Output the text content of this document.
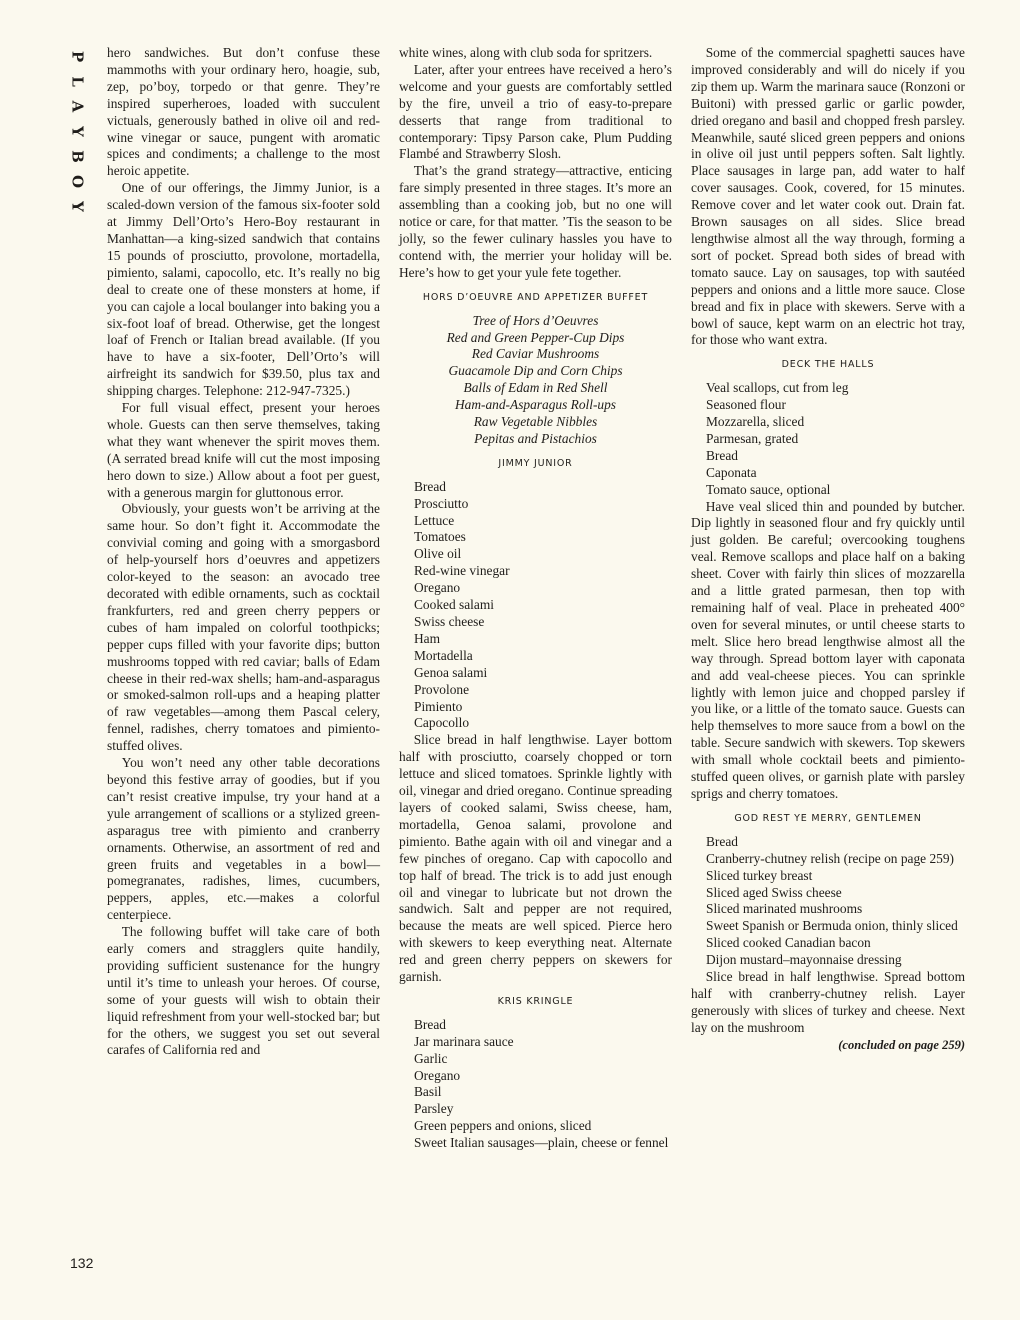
P
L
A
Y
B
O
Y
132

hero sandwiches. But don’t confuse these mammoths with your ordinary hero, hoagie, sub, zep, po’boy, torpedo or that genre. They’re inspired superheroes, loaded with succulent victuals, generously bathed in olive oil and red-wine vinegar or sauce, pungent with aromatic spices and condiments; a challenge to the most heroic appetite.

One of our offerings, the Jimmy Junior, is a scaled-down version of the famous six-footer sold at Jimmy Dell’Orto’s Hero-Boy restaurant in Manhattan—a king-sized sandwich that contains 15 pounds of prosciutto, provolone, mortadella, pimiento, salami, capocollo, etc. It’s really no big deal to create one of these monsters at home, if you can cajole a local boulanger into baking you a six-foot loaf of bread. Otherwise, get the longest loaf of French or Italian bread available. (If you have to have a six-footer, Dell’Orto’s will airfreight its sandwich for $39.50, plus tax and shipping charges. Telephone: 212-947-7325.)

For full visual effect, present your heroes whole. Guests can then serve themselves, taking what they want whenever the spirit moves them. (A serrated bread knife will cut the most imposing hero down to size.) Allow about a foot per guest, with a generous margin for gluttonous error.

Obviously, your guests won’t be arriving at the same hour. So don’t fight it. Accommodate the convivial coming and going with a smorgasbord of help-yourself hors d’oeuvres and appetizers color-keyed to the season: an avocado tree decorated with edible ornaments, such as cocktail frankfurters, red and green cherry peppers or cubes of ham impaled on colorful toothpicks; pepper cups filled with your favorite dips; button mushrooms topped with red caviar; balls of Edam cheese in their red-wax shells; ham-and-asparagus or smoked-salmon roll-ups and a heaping platter of raw vegetables—among them Pascal celery, fennel, radishes, cherry tomatoes and pimiento-stuffed olives.

You won’t need any other table decorations beyond this festive array of goodies, but if you can’t resist creative impulse, try your hand at a yule arrangement of scallions or a stylized green-asparagus tree with pimiento and cranberry ornaments. Otherwise, an assortment of red and green fruits and vegetables in a bowl—pomegranates, radishes, limes, cucumbers, peppers, apples, etc.—makes a colorful centerpiece.

The following buffet will take care of both early comers and stragglers quite handily, providing sufficient sustenance for the hungry until it’s time to unleash your heroes. Of course, some of your guests will wish to obtain their liquid refreshment from your well-stocked bar; but for the others, we suggest you set out several carafes of California red and

white wines, along with club soda for spritzers.

Later, after your entrees have received a hero’s welcome and your guests are comfortably settled by the fire, unveil a trio of easy-to-prepare desserts that range from traditional to contemporary: Tipsy Parson cake, Plum Pudding Flambé and Strawberry Slosh.

That’s the grand strategy—attractive, enticing fare simply presented in three stages. It’s more an assembling than a cooking job, but no one will notice or care, for that matter. ’Tis the season to be jolly, so the fewer culinary hassles you have to contend with, the merrier your holiday will be. Here’s how to get your yule fete together.

HORS D’OEUVRE AND APPETIZER BUFFET
Tree of Hors d’Oeuvres
Red and Green Pepper-Cup Dips
Red Caviar Mushrooms
Guacamole Dip and Corn Chips
Balls of Edam in Red Shell
Ham-and-Asparagus Roll-ups
Raw Vegetable Nibbles
Pepitas and Pistachios
JIMMY JUNIOR
Bread
Prosciutto
Lettuce
Tomatoes
Olive oil
Red-wine vinegar
Oregano
Cooked salami
Swiss cheese
Ham
Mortadella
Genoa salami
Provolone
Pimiento
Capocollo

Slice bread in half lengthwise. Layer bottom half with prosciutto, coarsely chopped or torn lettuce and sliced tomatoes. Sprinkle lightly with oil, vinegar and dried oregano. Continue spreading layers of cooked salami, Swiss cheese, ham, mortadella, Genoa salami, provolone and pimiento. Bathe again with oil and vinegar and a few pinches of oregano. Cap with capocollo and top half of bread. The trick is to add just enough oil and vinegar to lubricate but not drown the sandwich. Salt and pepper are not required, because the meats are well spiced. Pierce hero with skewers to keep everything neat. Alternate red and green cherry peppers on skewers for garnish.

KRIS KRINGLE
Bread
Jar marinara sauce
Garlic
Oregano
Basil
Parsley
Green peppers and onions, sliced
Sweet Italian sausages—plain, cheese or fennel

Some of the commercial spaghetti sauces have improved considerably and will do nicely if you zip them up. Warm the marinara sauce (Ronzoni or Buitoni) with pressed garlic or garlic powder, dried oregano and basil and chopped fresh parsley. Meanwhile, sauté sliced green peppers and onions in olive oil just until peppers soften. Salt lightly. Place sausages in large pan, add water to half cover sausages. Cook, covered, for 15 minutes. Remove cover and let water cook out. Drain fat. Brown sausages on all sides. Slice bread lengthwise almost all the way through, forming a sort of pocket. Spread both sides of bread with tomato sauce. Lay on sausages, top with sautéed peppers and onions and a little more sauce. Close bread and fix in place with skewers. Serve with a bowl of sauce, kept warm on an electric hot tray, for those who want extra.

DECK THE HALLS
Veal scallops, cut from leg
Seasoned flour
Mozzarella, sliced
Parmesan, grated
Bread
Caponata
Tomato sauce, optional

Have veal sliced thin and pounded by butcher. Dip lightly in seasoned flour and fry quickly until just golden. Be careful; overcooking toughens veal. Remove scallops and place half on a baking sheet. Cover with fairly thin slices of mozzarella and a little grated parmesan, then top with remaining half of veal. Place in preheated 400° oven for several minutes, or until cheese starts to melt. Slice hero bread lengthwise almost all the way through. Spread bottom layer with caponata and add veal-cheese pieces. You can sprinkle lightly with lemon juice and chopped parsley if you like, or a little of the tomato sauce. Guests can help themselves to more sauce from a bowl on the table. Secure sandwich with skewers. Top skewers with small whole cocktail beets and pimiento-stuffed queen olives, or garnish plate with parsley sprigs and cherry tomatoes.

GOD REST YE MERRY, GENTLEMEN
Bread
Cranberry-chutney relish (recipe on page 259)
Sliced turkey breast
Sliced aged Swiss cheese
Sliced marinated mushrooms
Sweet Spanish or Bermuda onion, thinly sliced
Sliced cooked Canadian bacon
Dijon mustard–mayonnaise dressing

Slice bread in half lengthwise. Spread bottom half with cranberry-chutney relish. Layer generously with slices of turkey and cheese. Next lay on the mushroom

(concluded on page 259)
